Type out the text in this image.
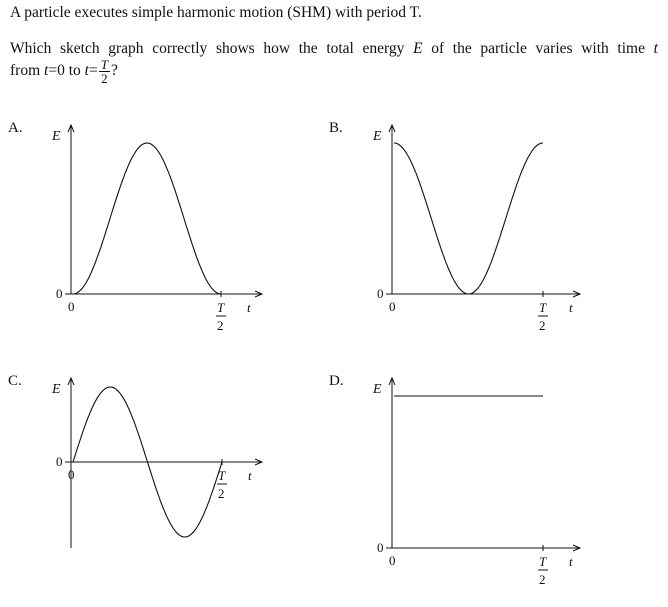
A particle executes simple harmonic motion (SHM) with period T.
Which sketch graph correctly shows how the total energy E of the particle varies with time t
from t=0 to $t= \frac{T}{2}$ ?
A.
E
0
0	T
2
t
B.
E
0
0	T
2
t
C.
E
0
0	T
2
t
D.
E
0
0	T
2
t
